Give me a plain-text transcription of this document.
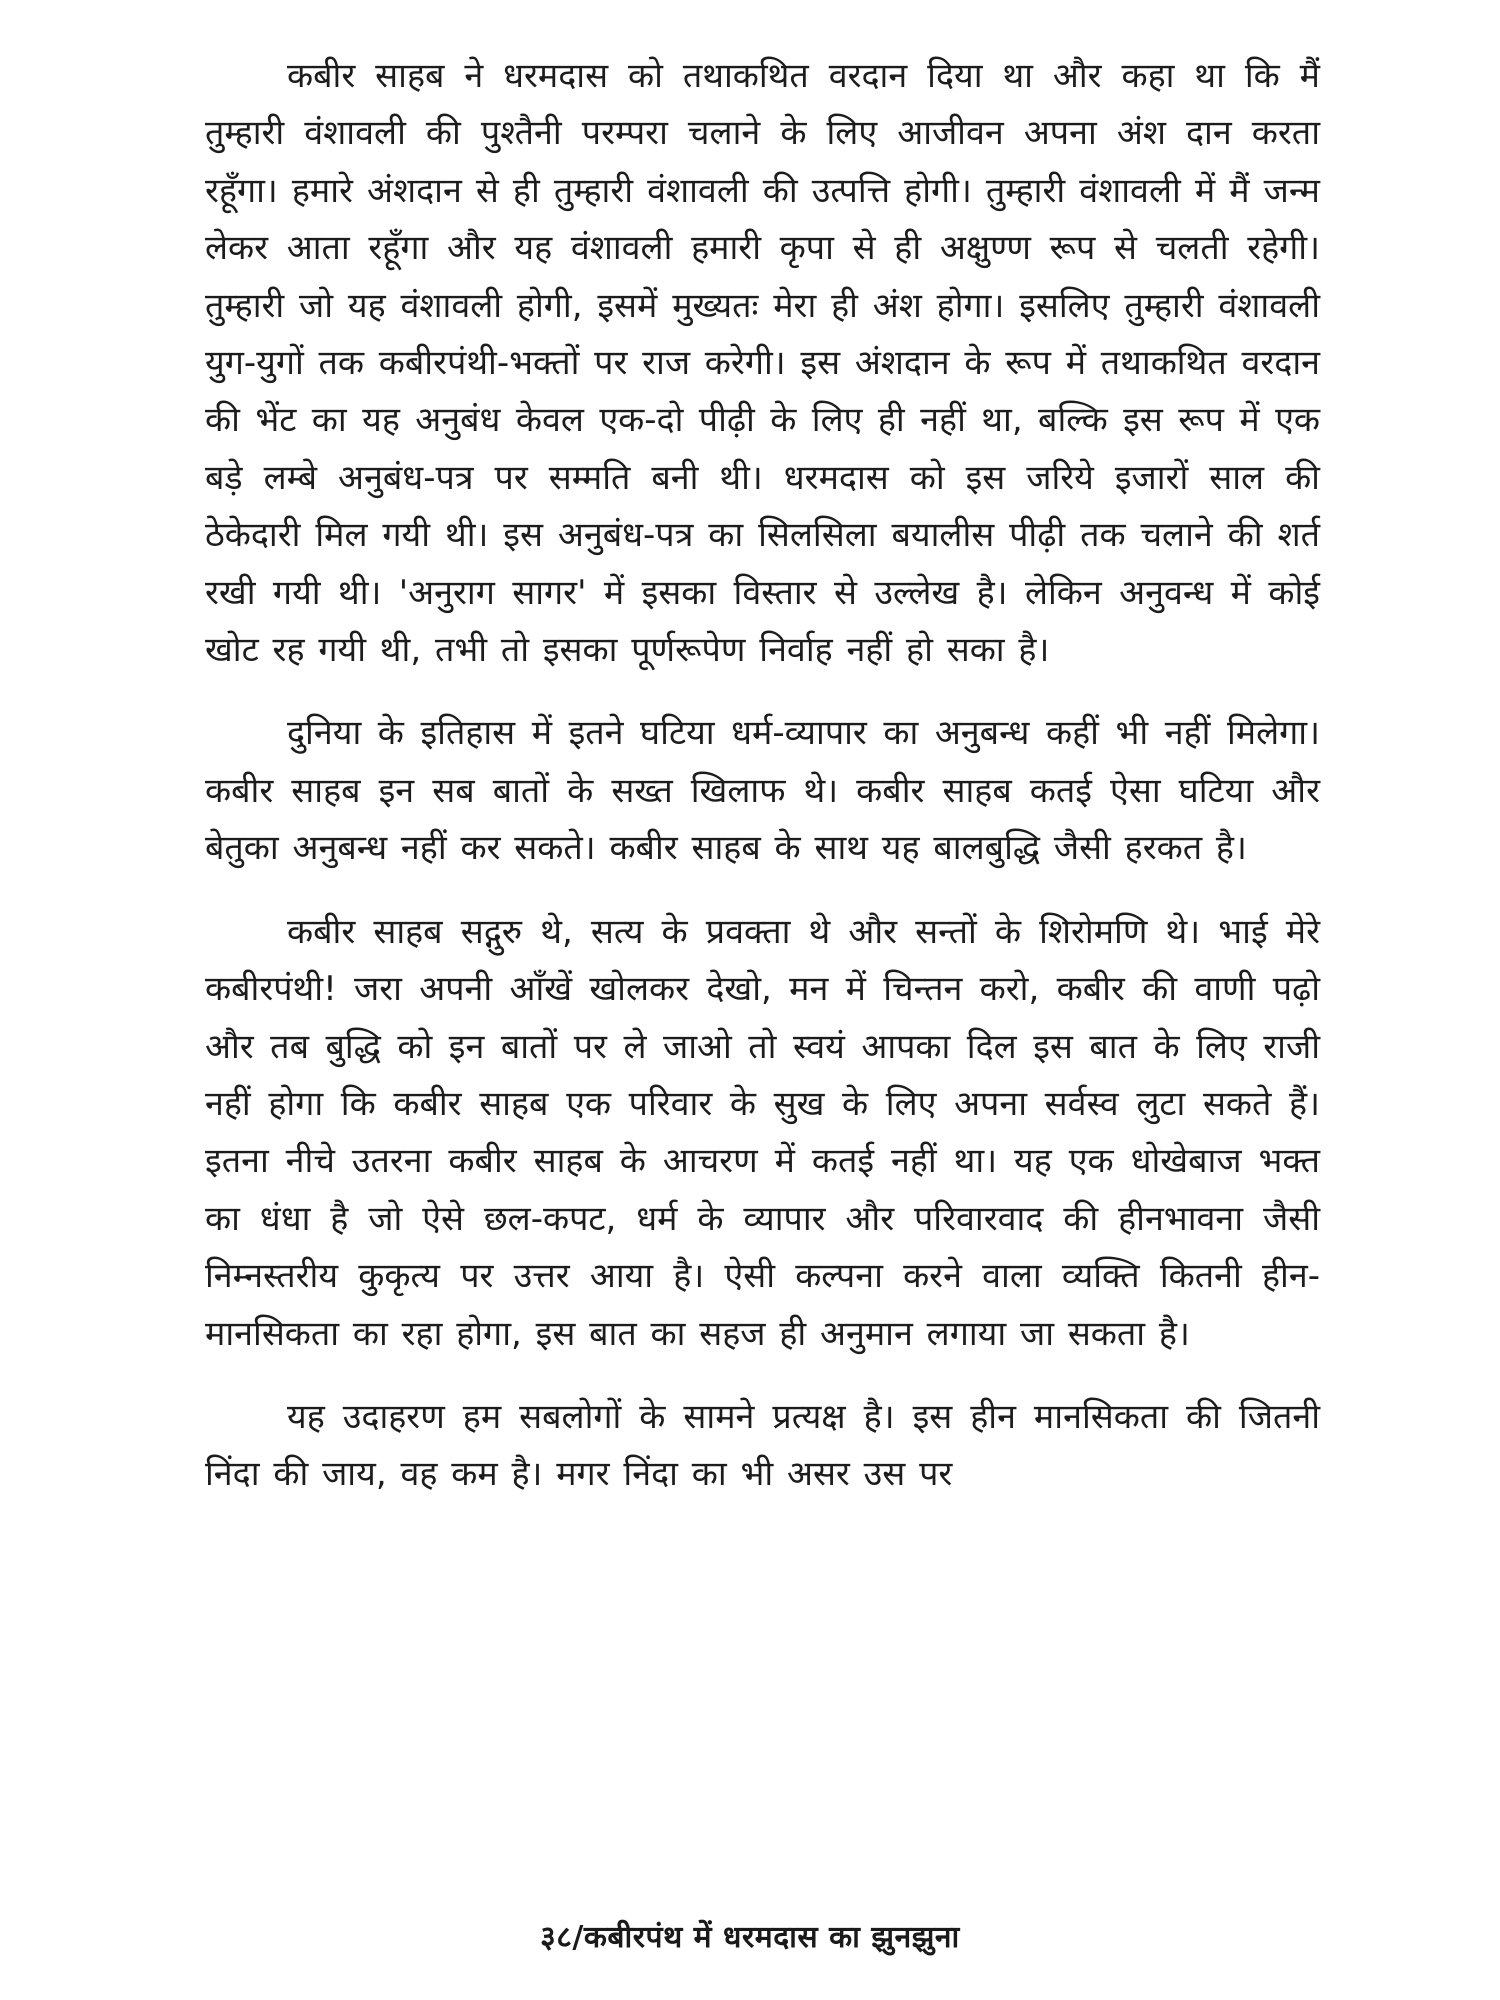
कबीर साहब ने धरमदास को तथाकथित वरदान दिया था और कहा था कि मैं तुम्हारी वंशावली की पुश्तैनी परम्परा चलाने के लिए आजीवन अपना अंश दान करता रहूँगा। हमारे अंशदान से ही तुम्हारी वंशावली की उत्पत्ति होगी। तुम्हारी वंशावली में मैं जन्म लेकर आता रहूँगा और यह वंशावली हमारी कृपा से ही अक्षुण्ण रूप से चलती रहेगी। तुम्हारी जो यह वंशावली होगी, इसमें मुख्यतः मेरा ही अंश होगा। इसलिए तुम्हारी वंशावली युग-युगों तक कबीरपंथी-भक्तों पर राज करेगी। इस अंशदान के रूप में तथाकथित वरदान की भेंट का यह अनुबंध केवल एक-दो पीढ़ी के लिए ही नहीं था, बल्कि इस रूप में एक बड़े लम्बे अनुबंध-पत्र पर सम्मति बनी थी। धरमदास को इस जरिये इजारों साल की ठेकेदारी मिल गयी थी। इस अनुबंध-पत्र का सिलसिला बयालीस पीढ़ी तक चलाने की शर्त रखी गयी थी। 'अनुराग सागर' में इसका विस्तार से उल्लेख है। लेकिन अनुवन्ध में कोई खोट रह गयी थी, तभी तो इसका पूर्णरूपेण निर्वाह नहीं हो सका है।

दुनिया के इतिहास में इतने घटिया धर्म-व्यापार का अनुबन्ध कहीं भी नहीं मिलेगा। कबीर साहब इन सब बातों के सख्त खिलाफ थे। कबीर साहब कतई ऐसा घटिया और बेतुका अनुबन्ध नहीं कर सकते। कबीर साहब के साथ यह बालबुद्धि जैसी हरकत है।

कबीर साहब सद्गुरु थे, सत्य के प्रवक्ता थे और सन्तों के शिरोमणि थे। भाई मेरे कबीरपंथी! जरा अपनी आँखें खोलकर देखो, मन में चिन्तन करो, कबीर की वाणी पढ़ो और तब बुद्धि को इन बातों पर ले जाओ तो स्वयं आपका दिल इस बात के लिए राजी नहीं होगा कि कबीर साहब एक परिवार के सुख के लिए अपना सर्वस्व लुटा सकते हैं। इतना नीचे उतरना कबीर साहब के आचरण में कतई नहीं था। यह एक धोखेबाज भक्त का धंधा है जो ऐसे छल-कपट, धर्म के व्यापार और परिवारवाद की हीनभावना जैसी निम्नस्तरीय कुकृत्य पर उत्तर आया है। ऐसी कल्पना करने वाला व्यक्ति कितनी हीन-मानसिकता का रहा होगा, इस बात का सहज ही अनुमान लगाया जा सकता है।

यह उदाहरण हम सबलोगों के सामने प्रत्यक्ष है। इस हीन मानसिकता की जितनी निंदा की जाय, वह कम है। मगर निंदा का भी असर उस पर

३८/कबीरपंथ में धरमदास का झुनझुना
